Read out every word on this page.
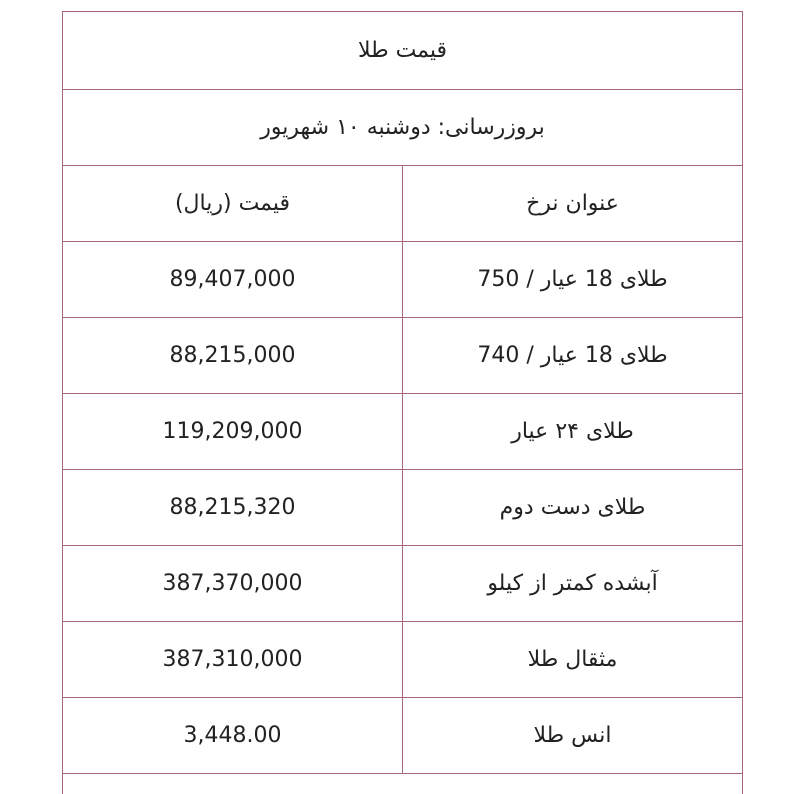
قیمت طلا	
بروزرسانی: دوشنبه ۱۰ شهریور	
عنوان نرخ	قیمت (ریال)
طلای 18 عیار / 750	89,407,000
طلای 18 عیار / 740	88,215,000
طلای ۲۴ عیار	119,209,000
طلای دست دوم	88,215,320
آبشده کمتر از کیلو	387,370,000
مثقال طلا	387,310,000
انس طلا	3,448.00
